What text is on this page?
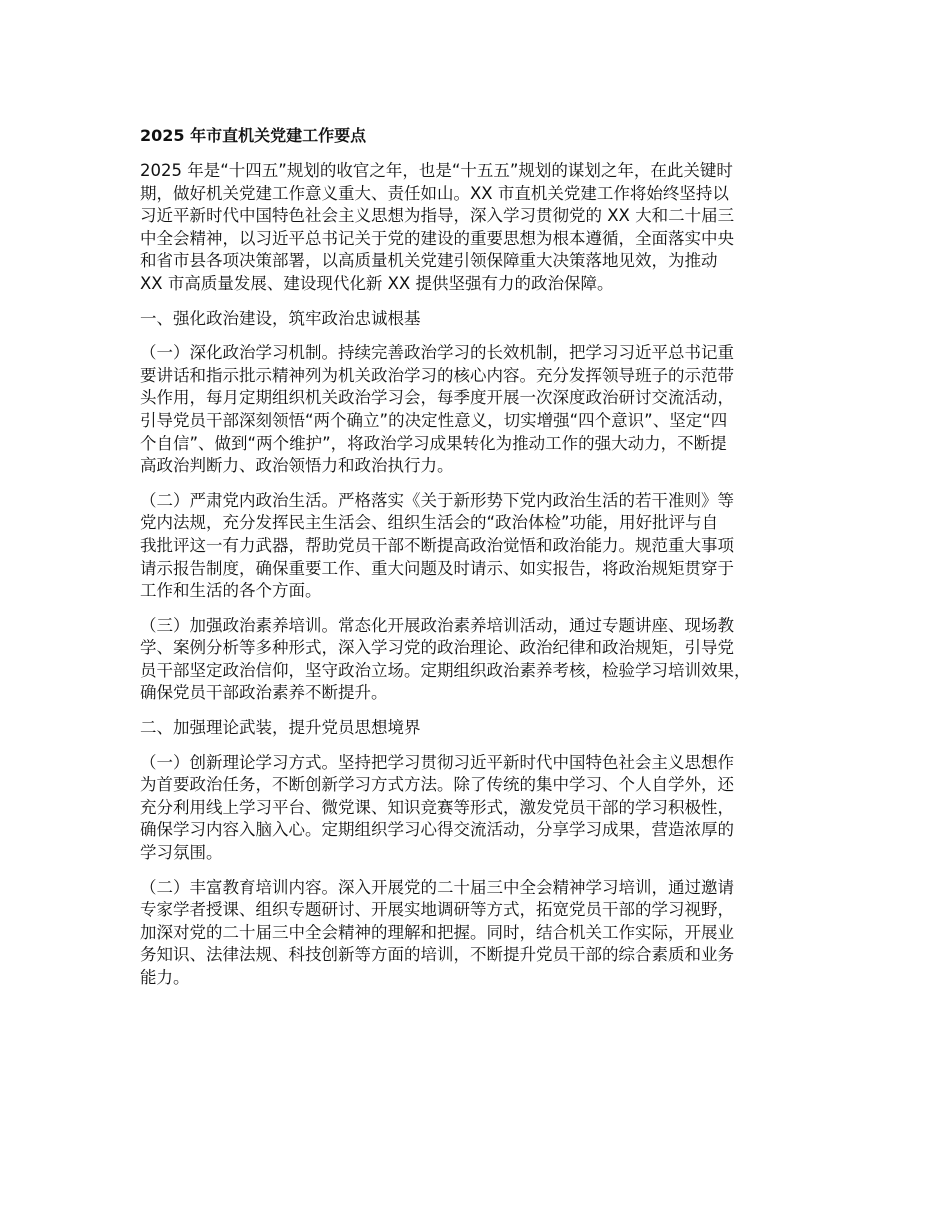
2025 年市直机关党建工作要点
2025 年是“十四五”规划的收官之年，也是“十五五”规划的谋划之年，在此关键时
期，做好机关党建工作意义重大、责任如山。XX 市直机关党建工作将始终坚持以
习近平新时代中国特色社会主义思想为指导，深入学习贯彻党的 XX 大和二十届三
中全会精神，以习近平总书记关于党的建设的重要思想为根本遵循，全面落实中央
和省市县各项决策部署，以高质量机关党建引领保障重大决策落地见效，为推动
XX 市高质量发展、建设现代化新 XX 提供坚强有力的政治保障。
一、强化政治建设，筑牢政治忠诚根基
（一）深化政治学习机制。持续完善政治学习的长效机制，把学习习近平总书记重
要讲话和指示批示精神列为机关政治学习的核心内容。充分发挥领导班子的示范带
头作用，每月定期组织机关政治学习会，每季度开展一次深度政治研讨交流活动，
引导党员干部深刻领悟“两个确立”的决定性意义，切实增强“四个意识”、坚定“四
个自信”、做到“两个维护”，将政治学习成果转化为推动工作的强大动力，不断提
高政治判断力、政治领悟力和政治执行力。
（二）严肃党内政治生活。严格落实《关于新形势下党内政治生活的若干准则》等
党内法规，充分发挥民主生活会、组织生活会的“政治体检”功能，用好批评与自
我批评这一有力武器，帮助党员干部不断提高政治觉悟和政治能力。规范重大事项
请示报告制度，确保重要工作、重大问题及时请示、如实报告，将政治规矩贯穿于
工作和生活的各个方面。
（三）加强政治素养培训。常态化开展政治素养培训活动，通过专题讲座、现场教
学、案例分析等多种形式，深入学习党的政治理论、政治纪律和政治规矩，引导党
员干部坚定政治信仰，坚守政治立场。定期组织政治素养考核，检验学习培训效果，
确保党员干部政治素养不断提升。
二、加强理论武装，提升党员思想境界
（一）创新理论学习方式。坚持把学习贯彻习近平新时代中国特色社会主义思想作
为首要政治任务，不断创新学习方式方法。除了传统的集中学习、个人自学外，还
充分利用线上学习平台、微党课、知识竞赛等形式，激发党员干部的学习积极性，
确保学习内容入脑入心。定期组织学习心得交流活动，分享学习成果，营造浓厚的
学习氛围。
（二）丰富教育培训内容。深入开展党的二十届三中全会精神学习培训，通过邀请
专家学者授课、组织专题研讨、开展实地调研等方式，拓宽党员干部的学习视野，
加深对党的二十届三中全会精神的理解和把握。同时，结合机关工作实际，开展业
务知识、法律法规、科技创新等方面的培训，不断提升党员干部的综合素质和业务
能力。
